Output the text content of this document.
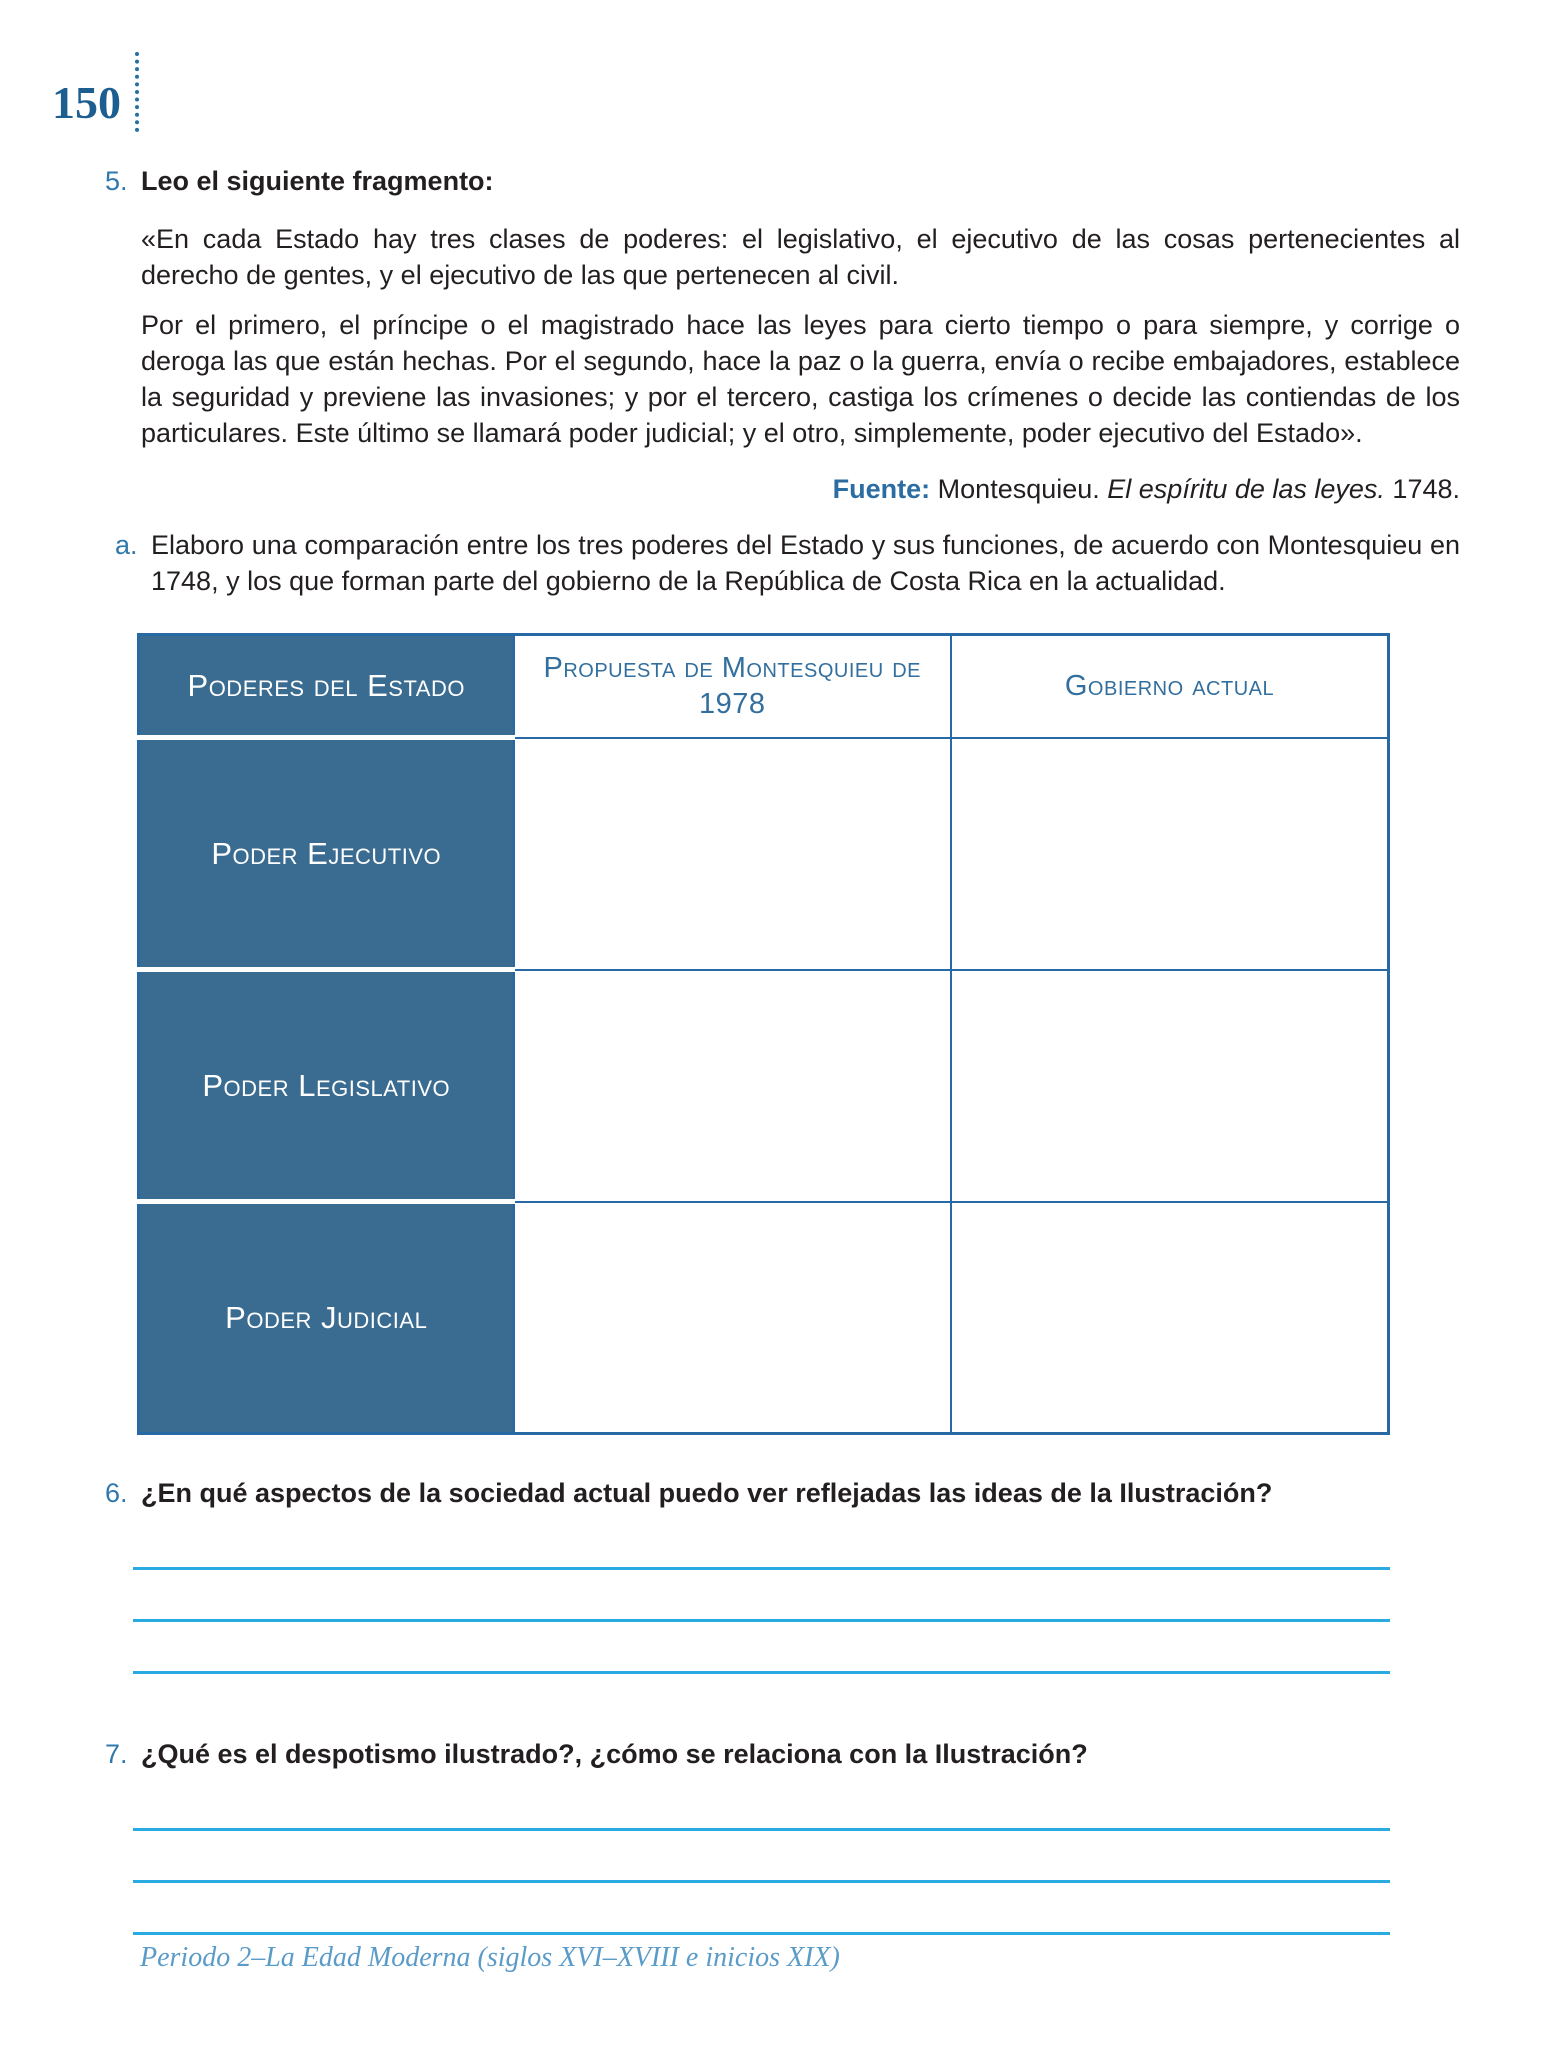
150
5. Leo el siguiente fragmento:

«En cada Estado hay tres clases de poderes: el legislativo, el ejecutivo de las cosas pertenecientes al derecho de gentes, y el ejecutivo de las que pertenecen al civil.

Por el primero, el príncipe o el magistrado hace las leyes para cierto tiempo o para siempre, y corrige o deroga las que están hechas. Por el segundo, hace la paz o la guerra, envía o recibe embajadores, establece la seguridad y previene las invasiones; y por el tercero, castiga los crímenes o decide las contiendas de los particulares. Este último se llamará poder judicial; y el otro, simplemente, poder ejecutivo del Estado».

Fuente: Montesquieu. El espíritu de las leyes. 1748.
a. Elaboro una comparación entre los tres poderes del Estado y sus funciones, de acuerdo con Montesquieu en 1748, y los que forman parte del gobierno de la República de Costa Rica en la actualidad.
Poderes del Estado	Propuesta de Montesquieu de 1978	Gobierno actual
Poder Ejecutivo		
Poder Legislativo		
Poder Judicial		
6. ¿En qué aspectos de la sociedad actual puedo ver reflejadas las ideas de la Ilustración?
7. ¿Qué es el despotismo ilustrado?, ¿cómo se relaciona con la Ilustración?
Periodo 2–La Edad Moderna (siglos XVI–XVIII e inicios XIX)
